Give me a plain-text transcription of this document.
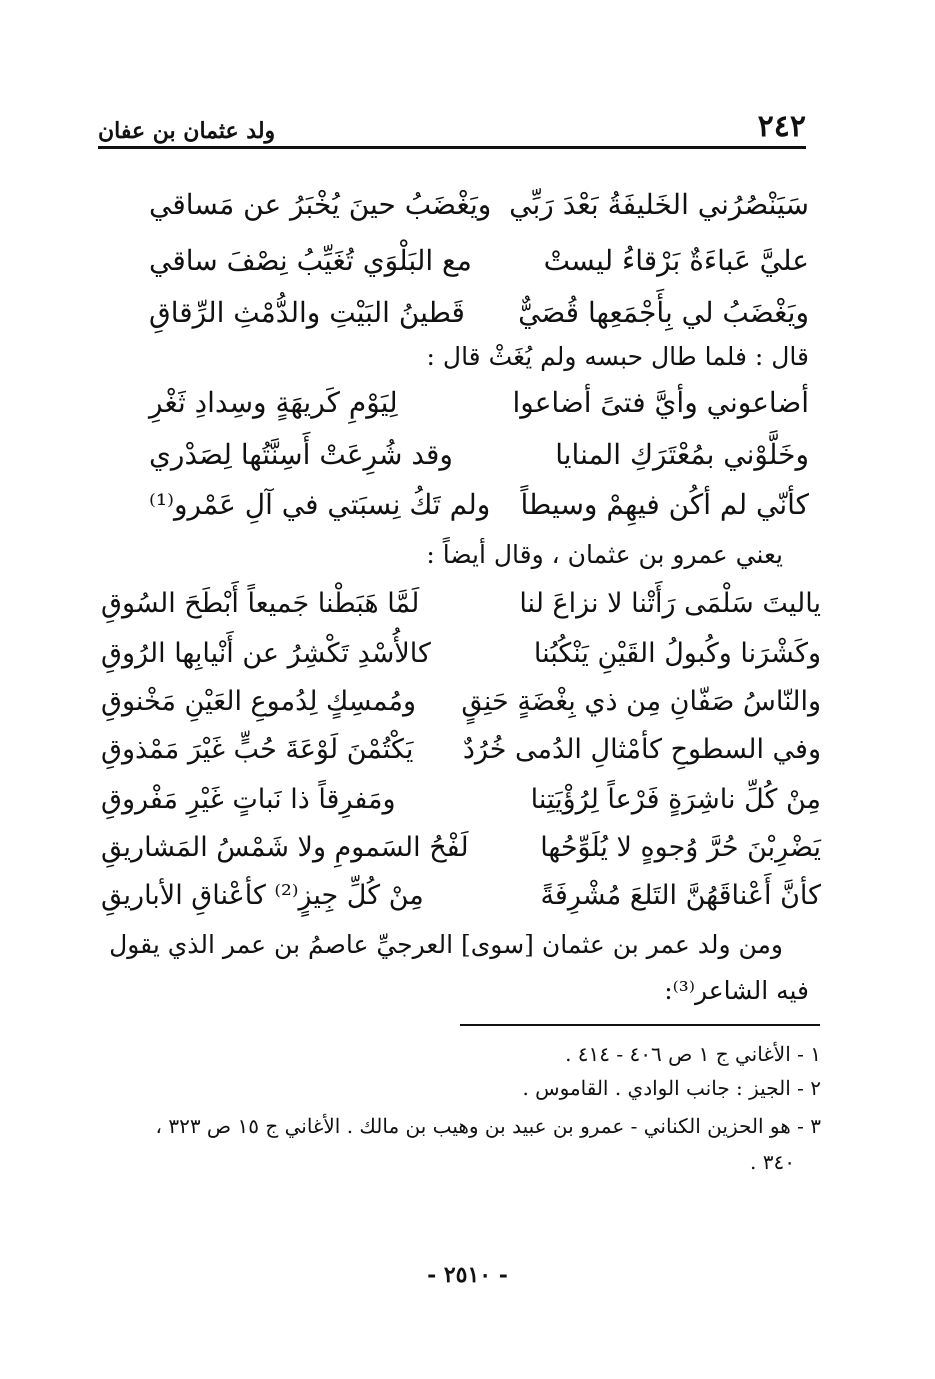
٢٤٢
ولد عثمان بن عفان
سَيَنْصُرُني الخَليفَةُ بَعْدَ رَبِّي
ويَغْضَبُ حينَ يُخْبَرُ عن مَساقي
عليَّ عَباءَةٌ بَرْقاءُ ليستْ
مع البَلْوَي تُغَيِّبُ نِصْفَ ساقي
ويَغْضَبُ لي بِأَجْمَعِها قُصَيٌّ
قَطينُ البَيْتِ والدُّمْثِ الرِّقاقِ
قال : فلما طال حبسه ولم يُغَثْ قال :
أضاعوني وأيَّ فتىً أضاعوا
لِيَوْمِ كَريهَةٍ وسِدادِ ثَغْرِ
وخَلَّوْني بمُعْتَرَكِ المنايا
وقد شُرِعَتْ أَسِنَّتُها لِصَدْري
كأنّي لم أكُن فيهِمْ وسيطاً
ولم تَكُ نِسبَتي في آلِ عَمْرو⁽¹⁾
يعني عمرو بن عثمان ، وقال أيضاً :
ياليتَ سَلْمَى رَأَتْنا لا نزاعَ لنا
لَمَّا هَبَطْنا جَميعاً أَبْطَحَ السُوقِ
وكَشْرَنا وكُبولُ القَيْنِ يَنْكُبُنا
كالأُسْدِ تَكْشِرُ عن أَنْيابِها الرُوقِ
والنّاسُ صَفّانِ مِن ذي بِغْضَةٍ حَنِقٍ
ومُمسِكٍ لِدُموعِ العَيْنِ مَخْنوقِ
وفي السطوحِ كأمْثالِ الدُمى خُرُدٌ
يَكْتُمْنَ لَوْعَةَ حُبٍّ غَيْرَ مَمْذوقِ
مِنْ كُلِّ ناشِرَةٍ فَرْعاً لِرُؤْيَتِنا
ومَفرِقاً ذا نَباتٍ غَيْرِ مَفْروقِ
يَضْرِبْنَ حُرَّ وُجوهٍ لا يُلَوِّحُها
لَفْحُ السَمومِ ولا شَمْسُ المَشاريقِ
كأنَّ أَعْناقَهُنَّ التَلعَ مُشْرِفَةً
مِنْ كُلِّ جِيزٍ⁽²⁾ كأعْناقِ الأباريقِ
ومن ولد عمر بن عثمان [سوى] العرجيِّ عاصمُ بن عمر الذي يقول
فيه الشاعر⁽³⁾:
١ - الأغاني ج ١ ص ٤٠٦ - ٤١٤ .
٢ - الجيز : جانب الوادي . القاموس .
٣ - هو الحزين الكناني - عمرو بن عبيد بن وهيب بن مالك . الأغاني ج ١٥ ص ٣٢٣ ،
٣٤٠ .
- ٢٥١٠ -
